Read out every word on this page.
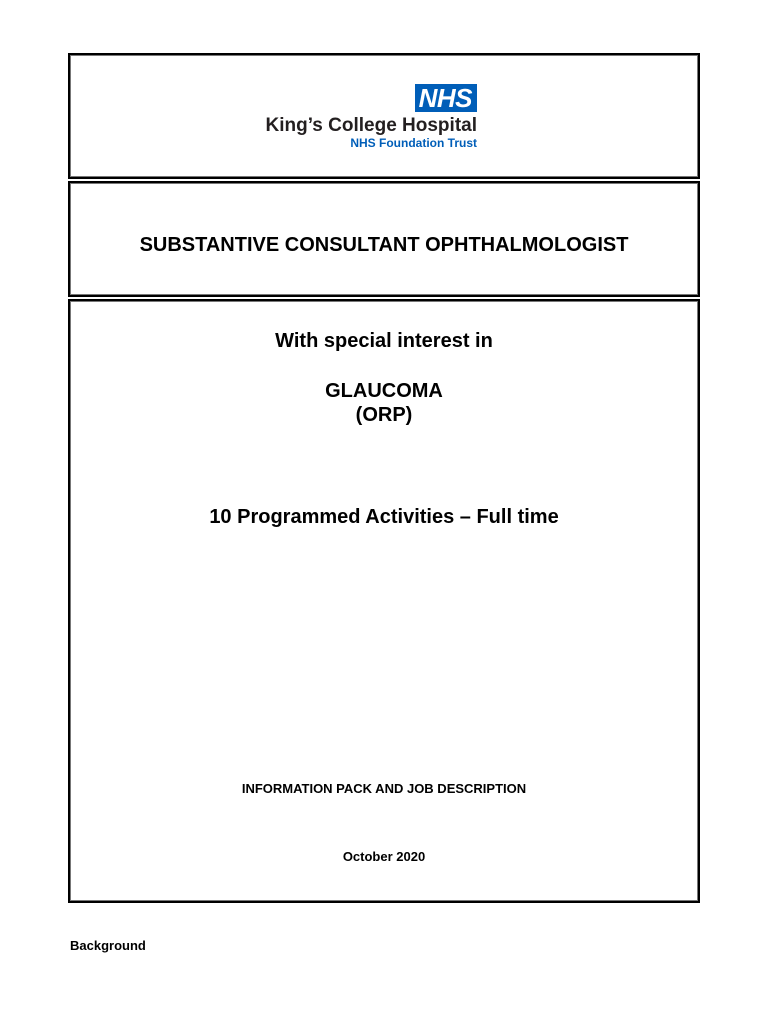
NHS
King’s College Hospital
NHS Foundation Trust
SUBSTANTIVE CONSULTANT OPHTHALMOLOGIST
With special interest in
GLAUCOMA
(ORP)
10 Programmed Activities – Full time
INFORMATION PACK AND JOB DESCRIPTION
October 2020
Background
